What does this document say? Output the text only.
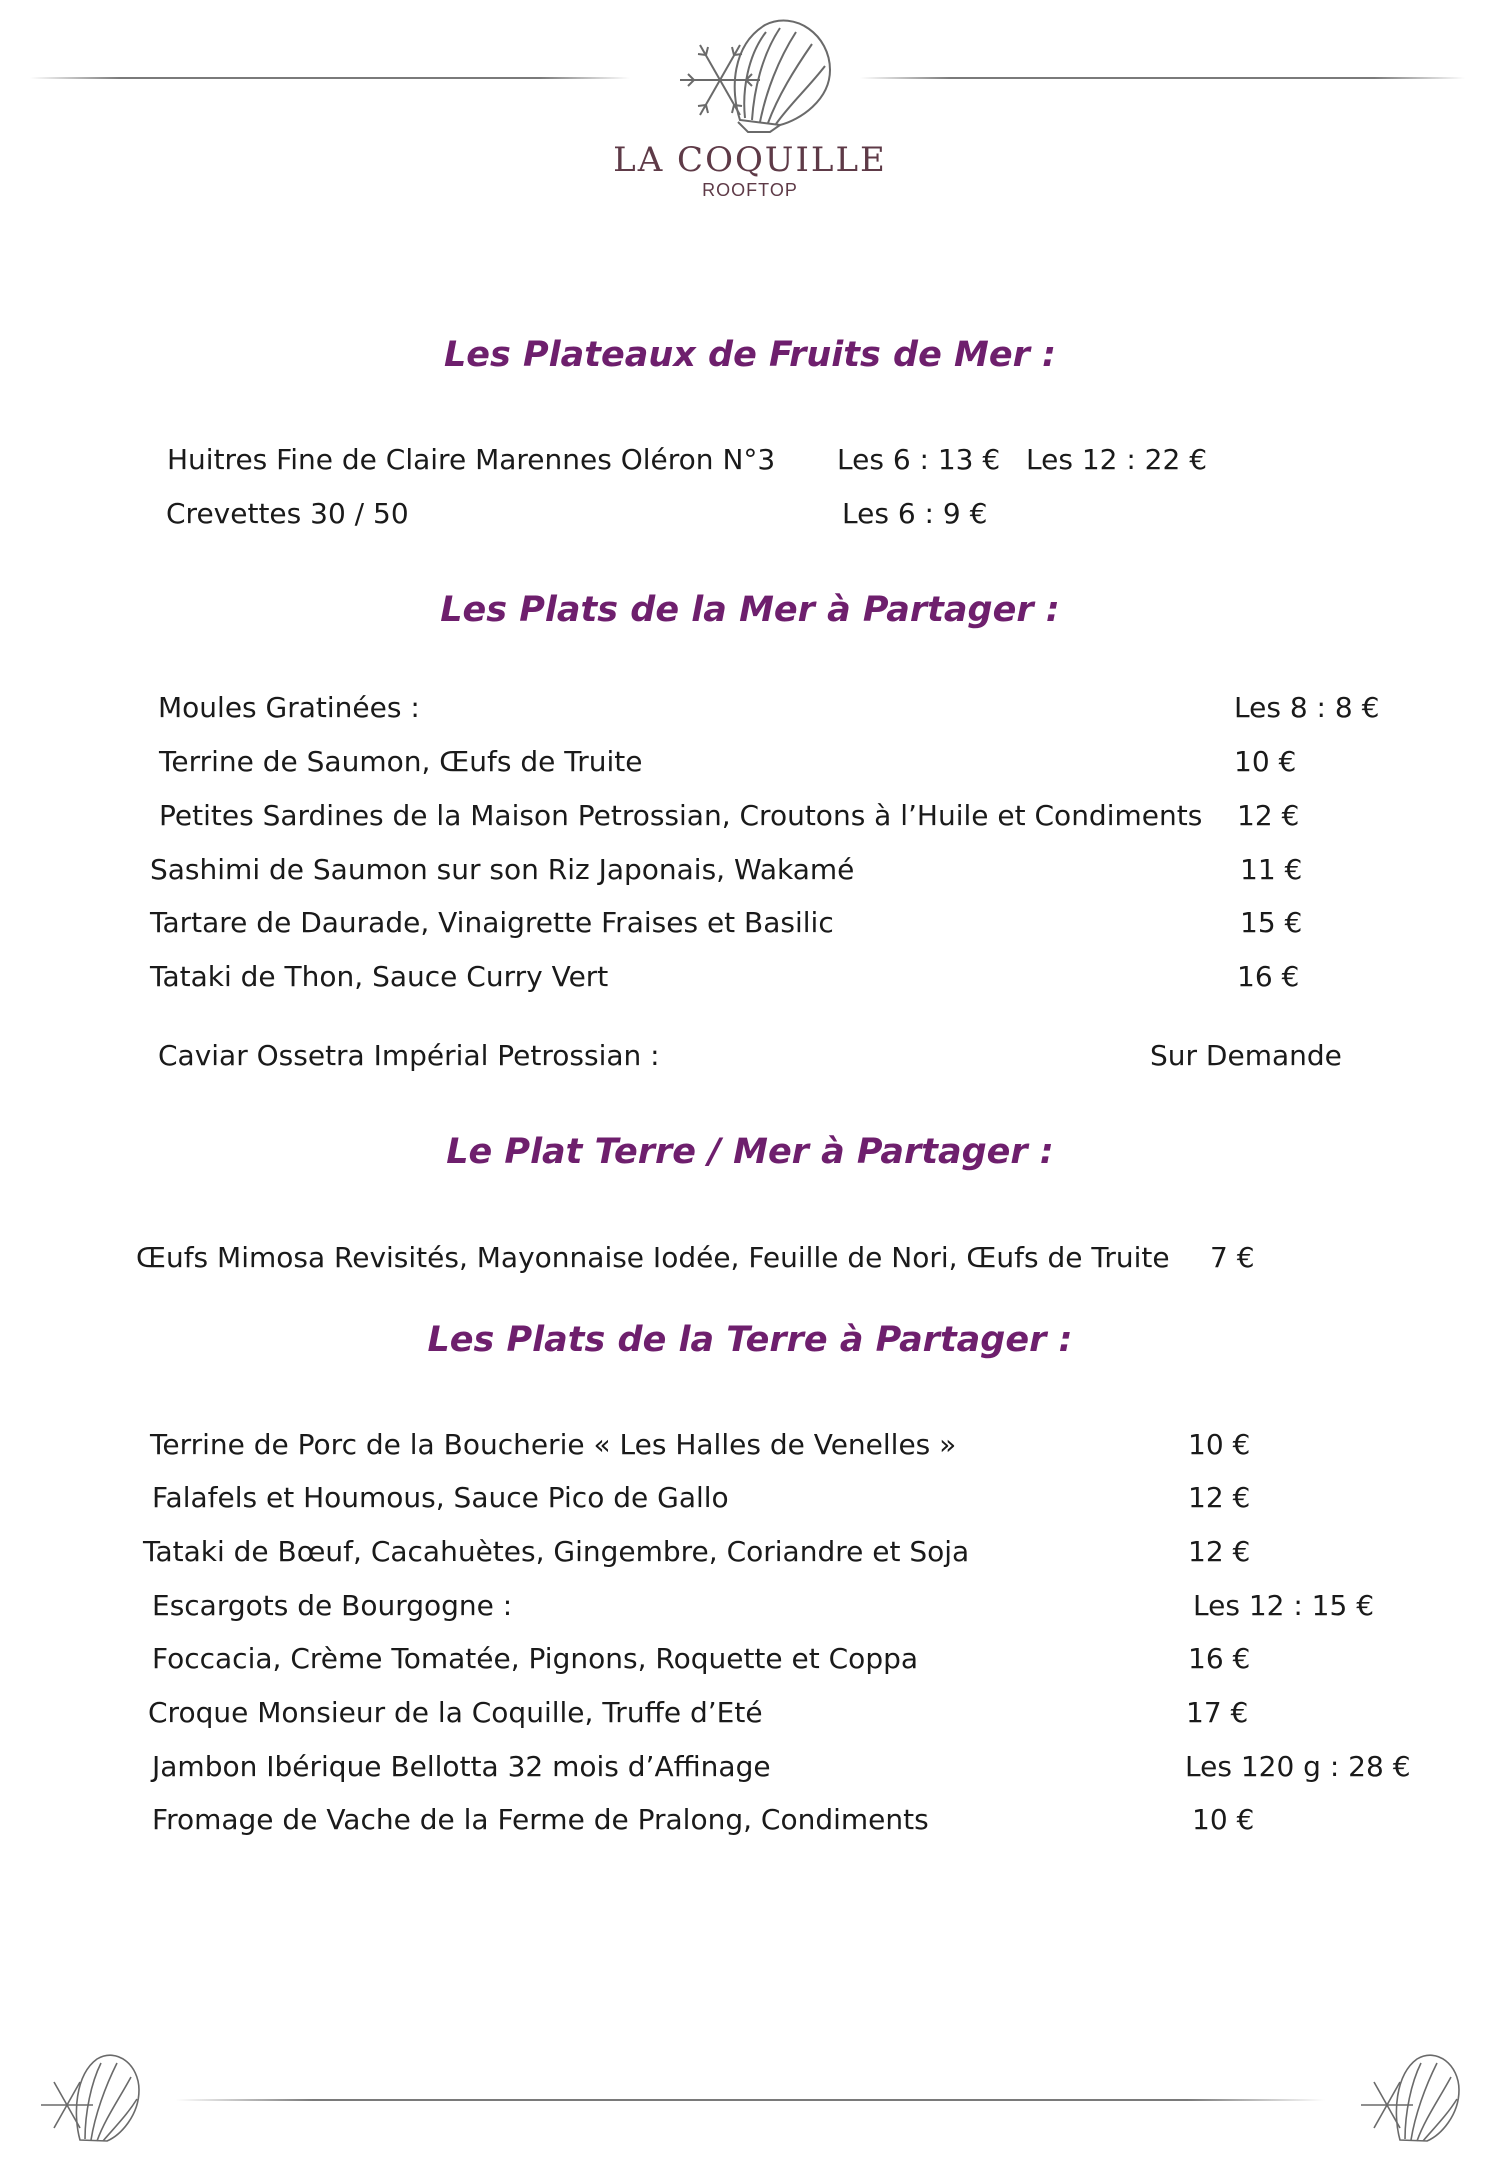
LA COQUILLE
ROOFTOP
Les Plateaux de Fruits de Mer :
Huitres Fine de Claire Marennes Oléron N°3 Les 6 : 13 € Les 12 : 22 €
Crevettes 30 / 50	Les 6 : 9 €
Les Plats de la Mer à Partager :
Moules Gratinées :	Les 8 : 8 €
Terrine de Saumon, Œufs de Truite	10 €
Petites Sardines de la Maison Petrossian, Croutons à l’Huile et Condiments 12 €
Sashimi de Saumon sur son Riz Japonais, Wakamé	11 €
Tartare de Daurade, Vinaigrette Fraises et Basilic	15 €
Tataki de Thon, Sauce Curry Vert	16 €
Caviar Ossetra Impérial Petrossian :	Sur Demande
Le Plat Terre / Mer à Partager :
Œufs Mimosa Revisités, Mayonnaise Iodée, Feuille de Nori, Œufs de Truite 7 €
Les Plats de la Terre à Partager :
Terrine de Porc de la Boucherie « Les Halles de Venelles »	10 €
Falafels et Houmous, Sauce Pico de Gallo	12 €
Tataki de Bœuf, Cacahuètes, Gingembre, Coriandre et Soja	12 €
Escargots de Bourgogne :	Les 12 : 15 €
Foccacia, Crème Tomatée, Pignons, Roquette et Coppa	16 €
Croque Monsieur de la Coquille, Truffe d’Eté	17 €
Jambon Ibérique Bellotta 32 mois d’Affinage	Les 120 g : 28 €
Fromage de Vache de la Ferme de Pralong, Condiments	10 €
